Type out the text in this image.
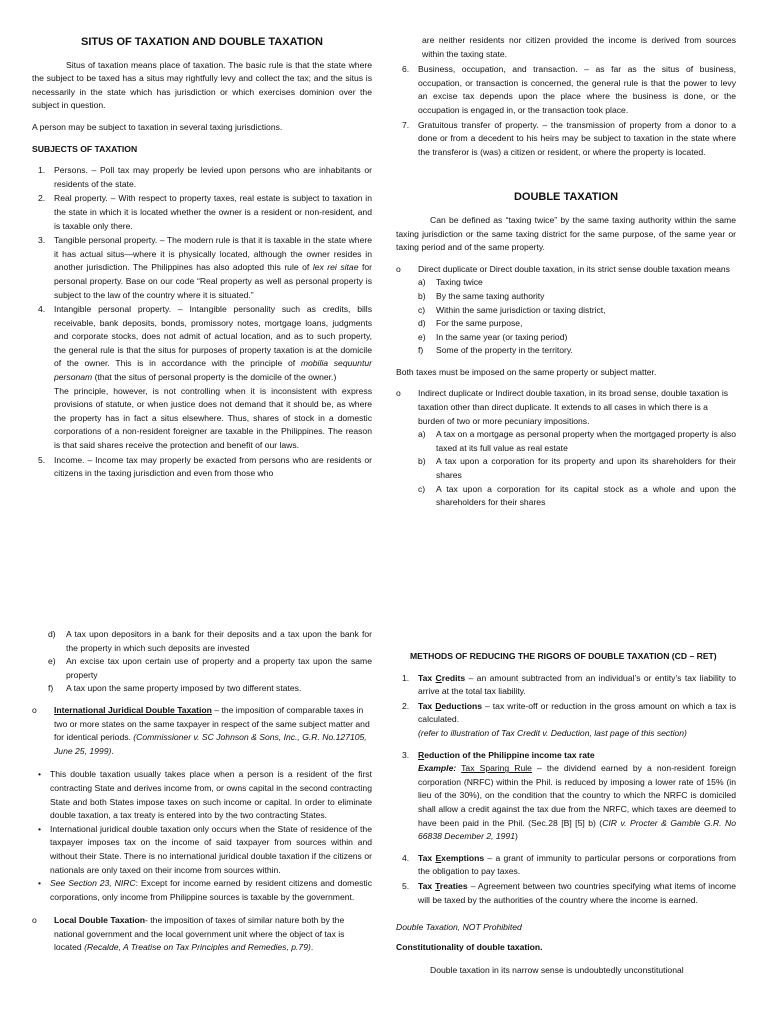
SITUS OF TAXATION AND DOUBLE TAXATION

Situs of taxation means place of taxation. The basic rule is that the state where the subject to be taxed has a situs may rightfully levy and collect the tax; and the situs is necessarily in the state which has jurisdiction or which exercises dominion over the subject in question.

A person may be subject to taxation in several taxing jurisdictions.

SUBJECTS OF TAXATION
1. Persons. – Poll tax may properly be levied upon persons who are inhabitants or residents of the state.
2. Real property. – With respect to property taxes, real estate is subject to taxation in the state in which it is located whether the owner is a resident or non-resident, and is taxable only there.
3. Tangible personal property. – The modern rule is that it is taxable in the state where it has actual situs—where it is physically located, although the owner resides in another jurisdiction. The Philippines has also adopted this rule of lex rei sitae for personal property. Base on our code “Real property as well as personal property is subject to the law of the country where it is situated.”
4. Intangible personal property. – Intangible personality such as credits, bills receivable, bank deposits, bonds, promissory notes, mortgage loans, judgments and corporate stocks, does not admit of actual location, and as to such property, the general rule is that the situs for purposes of property taxation is at the domicile of the owner. This is in accordance with the principle of mobilia sequuntur personam (that the situs of personal property is the domicile of the owner.)
The principle, however, is not controlling when it is inconsistent with express provisions of statute, or when justice does not demand that it should be, as where the property has in fact a situs elsewhere. Thus, shares of stock in a domestic corporations of a non-resident foreigner are taxable in the Philippines. The reason is that said shares receive the protection and benefit of our laws.
5. Income. – Income tax may properly be exacted from persons who are residents or citizens in the taxing jurisdiction and even from those who

are neither residents nor citizen provided the income is derived from sources within the taxing state.

6. Business, occupation, and transaction. – as far as the situs of business, occupation, or transaction is concerned, the general rule is that the power to levy an excise tax depends upon the place where the business is done, or the occupation is engaged in, or the transaction took place.
7. Gratuitous transfer of property. – the transmission of property from a donor to a done or from a decedent to his heirs may be subject to taxation in the state where the transferor is (was) a citizen or resident, or where the property is located.
DOUBLE TAXATION

Can be defined as “taxing twice” by the same taxing authority within the same taxing jurisdiction or the same taxing district for the same purpose, of the same year or taxing period and of the same property.

o Direct duplicate or Direct double taxation, in its strict sense double taxation means
a) Taxing twice
b) By the same taxing authority
c) Within the same jurisdiction or taxing district,
d) For the same purpose,
e) In the same year (or taxing period)
f) Some of the property in the territory.

Both taxes must be imposed on the same property or subject matter.

o Indirect duplicate or Indirect double taxation, in its broad sense, double taxation is taxation other than direct duplicate. It extends to all cases in which there is a burden of two or more pecuniary impositions.
a) A tax on a mortgage as personal property when the mortgaged property is also taxed at its full value as real estate
b) A tax upon a corporation for its property and upon its shareholders for their shares
c) A tax upon a corporation for its capital stock as a whole and upon the shareholders for their shares
d) A tax upon depositors in a bank for their deposits and a tax upon the bank for the property in which such deposits are invested
e) An excise tax upon certain use of property and a property tax upon the same property
f) A tax upon the same property imposed by two different states.
o International Juridical Double Taxation – the imposition of comparable taxes in two or more states on the same taxpayer in respect of the same subject matter and for identical periods. (Commissioner v. SC Johnson & Sons, Inc., G.R. No.127105, June 25, 1999).
• This double taxation usually takes place when a person is a resident of the first contracting State and derives income from, or owns capital in the second contracting State and both States impose taxes on such income or capital. In order to eliminate double taxation, a tax treaty is entered into by the two contracting States.
• International juridical double taxation only occurs when the State of residence of the taxpayer imposes tax on the income of said taxpayer from sources within and without their State. There is no international juridical double taxation if the citizens or nationals are only taxed on their income from sources within.
• See Section 23, NIRC: Except for income earned by resident citizens and domestic corporations, only income from Philippine sources is taxable by the government.
o Local Double Taxation- the imposition of taxes of similar nature both by the national government and the local government unit where the object of tax is located (Recalde, A Treatise on Tax Principles and Remedies, p.79).
METHODS OF REDUCING THE RIGORS OF DOUBLE TAXATION (CD – RET)
1. Tax Credits – an amount subtracted from an individual’s or entity’s tax liability to arrive at the total tax liability.
2. Tax Deductions – tax write-off or reduction in the gross amount on which a tax is calculated.
(refer to illustration of Tax Credit v. Deduction, last page of this section)
3. Reduction of the Philippine income tax rate
Example: Tax Sparing Rule – the dividend earned by a non-resident foreign corporation (NRFC) within the Phil. is reduced by imposing a lower rate of 15% (in lieu of the 30%), on the condition that the country to which the NRFC is domiciled shall allow a credit against the tax due from the NRFC, which taxes are deemed to have been paid in the Phil. (Sec.28 [B] [5] b) (CIR v. Procter & Gamble G.R. No 66838 December 2, 1991)
4. Tax Exemptions – a grant of immunity to particular persons or corporations from the obligation to pay taxes.
5. Tax Treaties – Agreement between two countries specifying what items of income will be taxed by the authorities of the country where the income is earned.

Double Taxation, NOT Prohibited

Constitutionality of double taxation.

Double taxation in its narrow sense is undoubtedly unconstitutional
